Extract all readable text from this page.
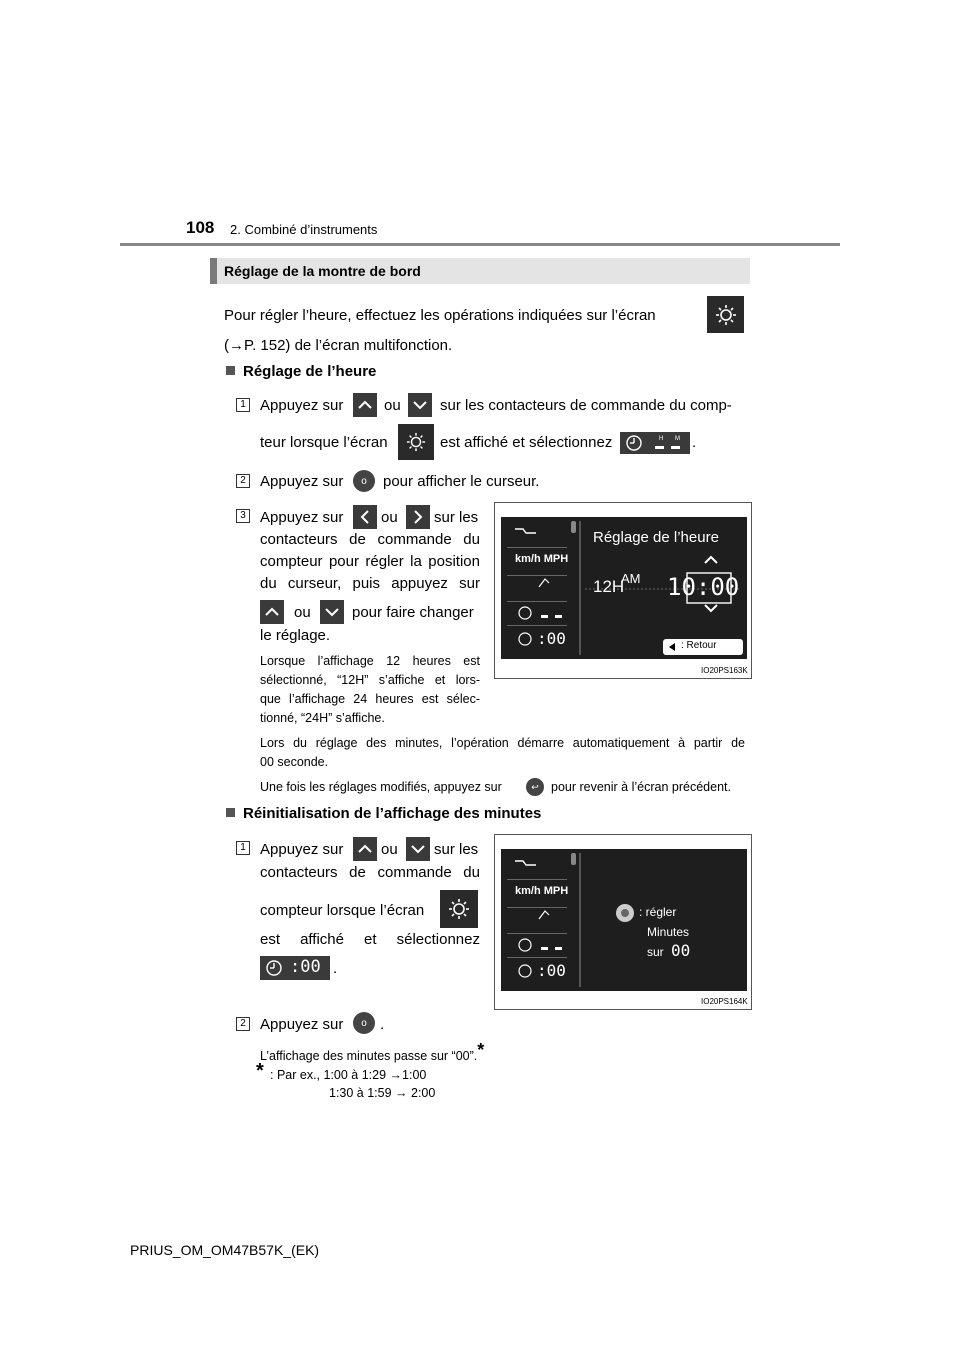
108 2. Combiné d’instruments
Réglage de la montre de bord
Pour régler l’heure, effectuez les opérations indiquées sur l’écran
(→P. 152) de l’écran multifonction.
Réglage de l’heure
1 Appuyez sur	ou	sur les contacteurs de commande du comp-
teur lorsque l’écran	est affiché et sélectionnez	H M .
2 Appuyez sur	o	pour afficher le curseur.
3 Appuyez sur	ou sur les
contacteurs de commande du
compteur pour régler la position
du curseur, puis appuyez sur
ou	pour faire changer
le réglage.
Lorsque l’affichage 12 heures est
sélectionné, “12H” s’affiche et lors-
que l’affichage 24 heures est sélec-
tionné, “24H” s’affiche.
Réglage de l’heure
km/h MPH
12H
AM 10:00
:00	: Retour
IO20PS163K
Lors du réglage des minutes, l’opération démarre automatiquement à partir de
00 seconde.
Une fois les réglages modifiés, appuyez sur	↩ pour revenir à l’écran précédent.
Réinitialisation de l’affichage des minutes
1 Appuyez sur	ou sur les
contacteurs de commande du
compteur lorsque l’écran
est affiché et sélectionnez
:00 .
km/h MPH
:00
: régler
Minutes
sur 00
IO20PS164K
2 Appuyez sur	o .
L’affichage des minutes passe sur “00”.*
* : Par ex., 1:00 à 1:29 →1:00
1:30 à 1:59 → 2:00
PRIUS_OM_OM47B57K_(EK)
